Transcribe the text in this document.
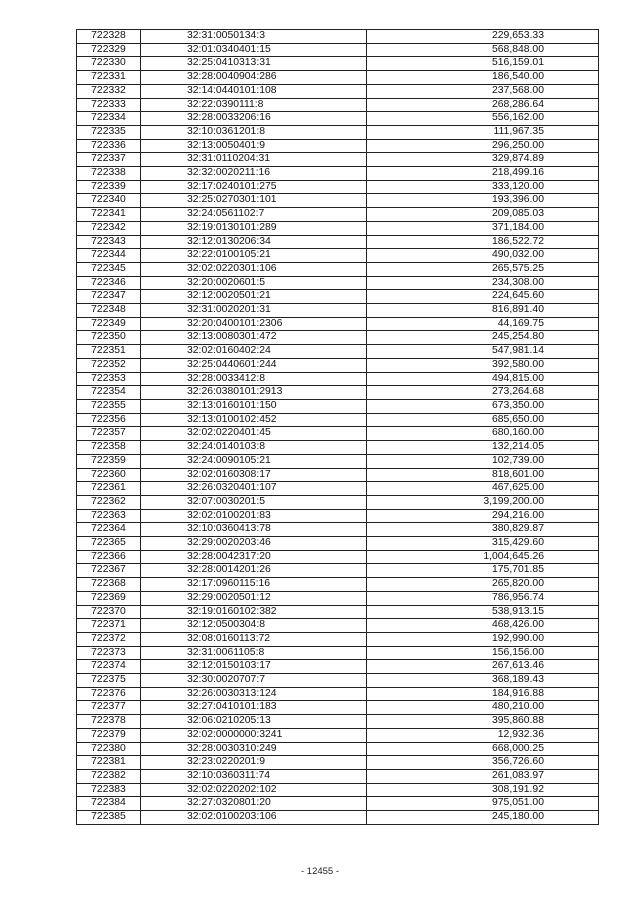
722328	32:31:0050134:3	229,653.33
722329	32:01:0340401:15	568,848.00
722330	32:25:0410313:31	516,159.01
722331	32:28:0040904:286	186,540.00
722332	32:14:0440101:108	237,568.00
722333	32:22:0390111:8	268,286.64
722334	32:28:0033206:16	556,162.00
722335	32:10:0361201:8	111,967.35
722336	32:13:0050401:9	296,250.00
722337	32:31:0110204:31	329,874.89
722338	32:32:0020211:16	218,499.16
722339	32:17:0240101:275	333,120.00
722340	32:25:0270301:101	193,396.00
722341	32:24:0561102:7	209,085.03
722342	32:19:0130101:289	371,184.00
722343	32:12:0130206:34	186,522.72
722344	32:22:0100105:21	490,032.00
722345	32:02:0220301:106	265,575.25
722346	32:20:0020601:5	234,308.00
722347	32:12:0020501:21	224,645.60
722348	32:31:0020201:31	816,891.40
722349	32:20:0400101:2306	44,169.75
722350	32:13:0080301:472	245,254.80
722351	32:02:0160402:24	547,981.14
722352	32:25:0440601:244	392,580.00
722353	32:28:0033412:8	494,815.00
722354	32:26:0380101:2913	273,264.68
722355	32:13:0160101:150	673,350.00
722356	32:13:0100102:452	685,650.00
722357	32:02:0220401:45	680,160.00
722358	32:24:0140103:8	132,214.05
722359	32:24:0090105:21	102,739.00
722360	32:02:0160308:17	818,601.00
722361	32:26:0320401:107	467,625.00
722362	32:07:0030201:5	3,199,200.00
722363	32:02:0100201:83	294,216.00
722364	32:10:0360413:78	380,829.87
722365	32:29:0020203:46	315,429.60
722366	32:28:0042317:20	1,004,645.26
722367	32:28:0014201:26	175,701.85
722368	32:17:0960115:16	265,820.00
722369	32:29:0020501:12	786,956.74
722370	32:19:0160102:382	538,913.15
722371	32:12:0500304:8	468,426.00
722372	32:08:0160113:72	192,990.00
722373	32:31:0061105:8	156,156.00
722374	32:12:0150103:17	267,613.46
722375	32:30:0020707:7	368,189.43
722376	32:26:0030313:124	184,916.88
722377	32:27:0410101:183	480,210.00
722378	32:06:0210205:13	395,860.88
722379	32:02:0000000:3241	12,932.36
722380	32:28:0030310:249	668,000.25
722381	32:23:0220201:9	356,726.60
722382	32:10:0360311:74	261,083.97
722383	32:02:0220202:102	308,191.92
722384	32:27:0320801:20	975,051.00
722385	32:02:0100203:106	245,180.00
- 12455 -
